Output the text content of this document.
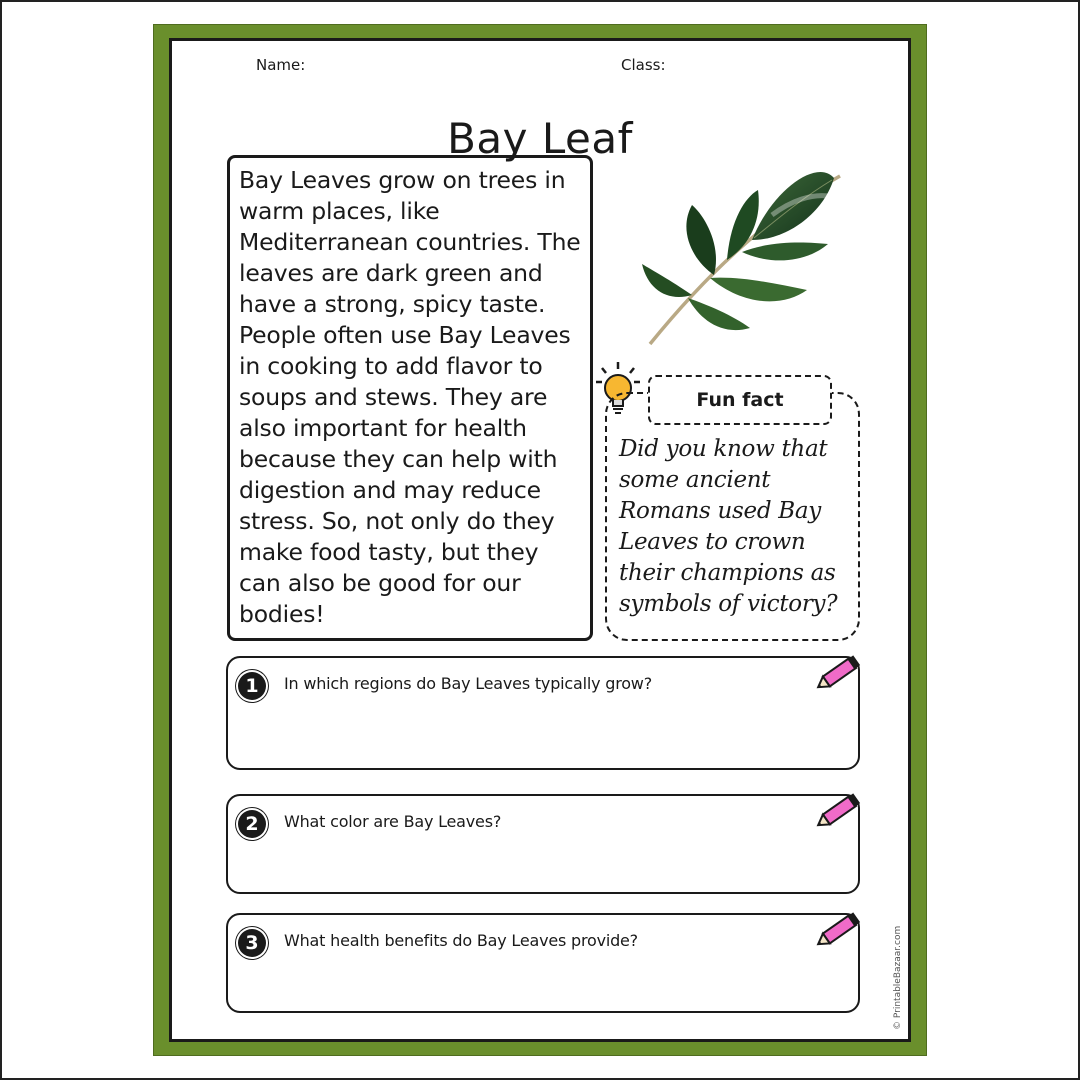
Name:	Class:
Bay Leaf

Bay Leaves grow on trees in warm places, like Mediterranean countries. The leaves are dark green and have a strong, spicy taste. People often use Bay Leaves in cooking to add flavor to soups and stews. They are also important for health because they can help with digestion and may reduce stress. So, not only do they make food tasty, but they can also be good for our bodies!

Did you know that some ancient Romans used Bay Leaves to crown their champions as symbols of victory?

Fun fact
1	In which regions do Bay Leaves typically grow?
2	What color are Bay Leaves?
3	What health benefits do Bay Leaves provide?	© PrintableBazaar.com
